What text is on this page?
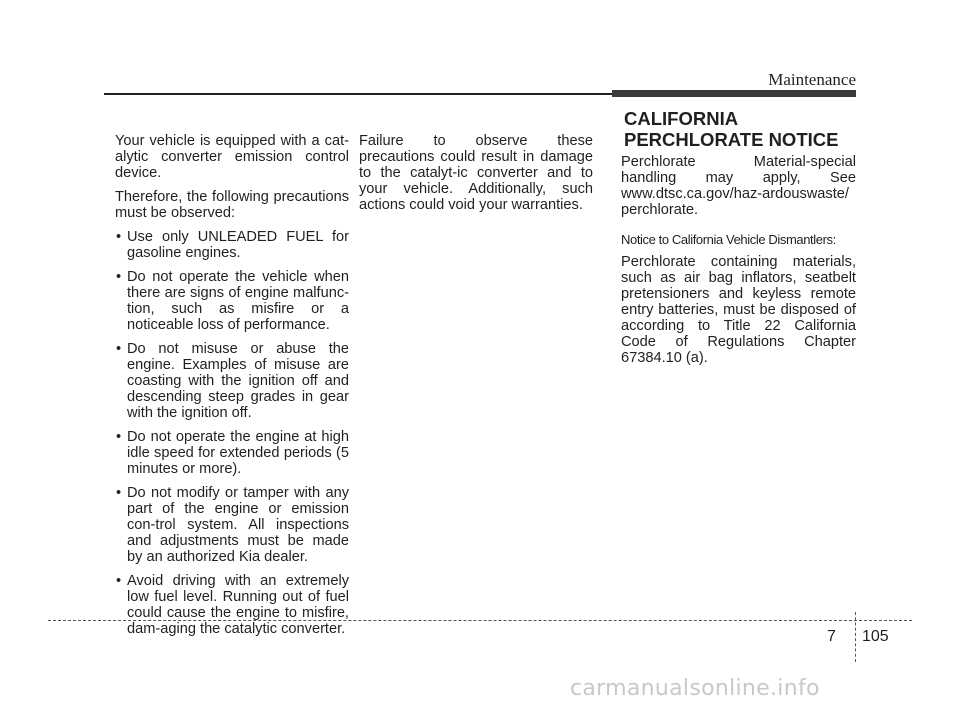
Maintenance

Your vehicle is equipped with a cat-alytic converter emission control device.

Therefore, the following precautions must be observed:

• Use only UNLEADED FUEL for gasoline engines.
• Do not operate the vehicle when there are signs of engine malfunc-tion, such as misfire or a noticeable loss of performance.
• Do not misuse or abuse the engine. Examples of misuse are coasting with the ignition off and descending steep grades in gear with the ignition off.
• Do not operate the engine at high idle speed for extended periods (5 minutes or more).
• Do not modify or tamper with any part of the engine or emission con-trol system. All inspections and adjustments must be made by an authorized Kia dealer.
• Avoid driving with an extremely low fuel level. Running out of fuel could cause the engine to misfire, dam-aging the catalytic converter.

Failure to observe these precautions could result in damage to the catalyt-ic converter and to your vehicle. Additionally, such actions could void your warranties.

CALIFORNIA
PERCHLORATE NOTICE

Perchlorate Material-special handling may apply, See www.dtsc.ca.gov/haz-ardouswaste/ perchlorate.

Notice to California Vehicle Dismantlers:

Perchlorate containing materials, such as air bag inflators, seatbelt pretensioners and keyless remote entry batteries, must be disposed of according to Title 22 California Code of Regulations Chapter 67384.10 (a).

7 105
carmanualsonline.info
